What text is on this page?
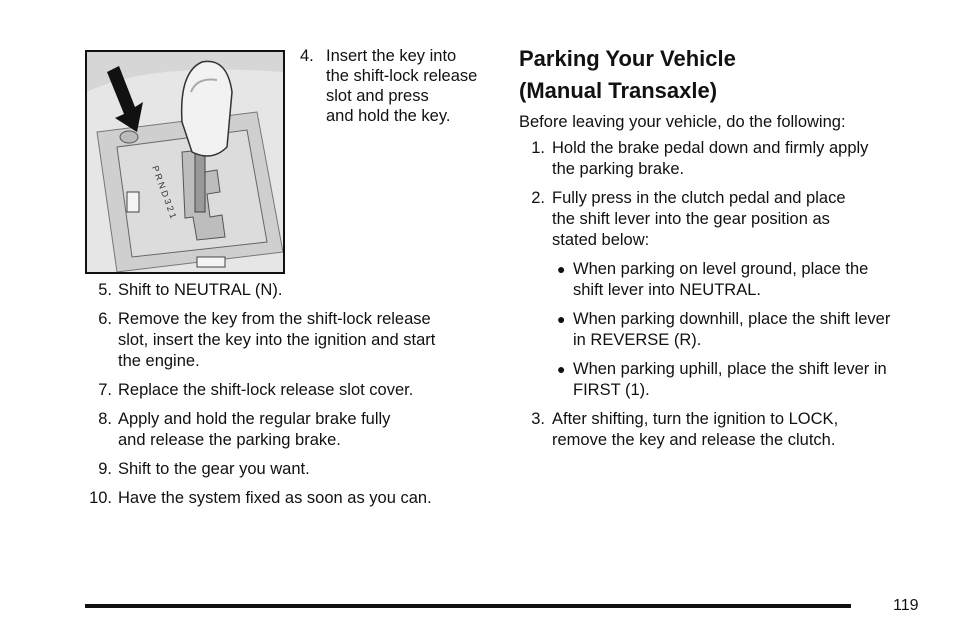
P R N D 3 2 1
4. Insert the key into
the shift-lock release
slot and press
and hold the key.
5. Shift to NEUTRAL (N).
6. Remove the key from the shift-lock release
slot, insert the key into the ignition and start
the engine.
7. Replace the shift-lock release slot cover.
8. Apply and hold the regular brake fully
and release the parking brake.
9. Shift to the gear you want.
10. Have the system fixed as soon as you can.
Parking Your Vehicle
(Manual Transaxle)

Before leaving your vehicle, do the following:

1. Hold the brake pedal down and firmly apply
the parking brake.
2. Fully press in the clutch pedal and place
the shift lever into the gear position as
stated below:
● When parking on level ground, place the
shift lever into NEUTRAL.
● When parking downhill, place the shift lever
in REVERSE (R).
● When parking uphill, place the shift lever in
FIRST (1).
3. After shifting, turn the ignition to LOCK,
remove the key and release the clutch.
119
